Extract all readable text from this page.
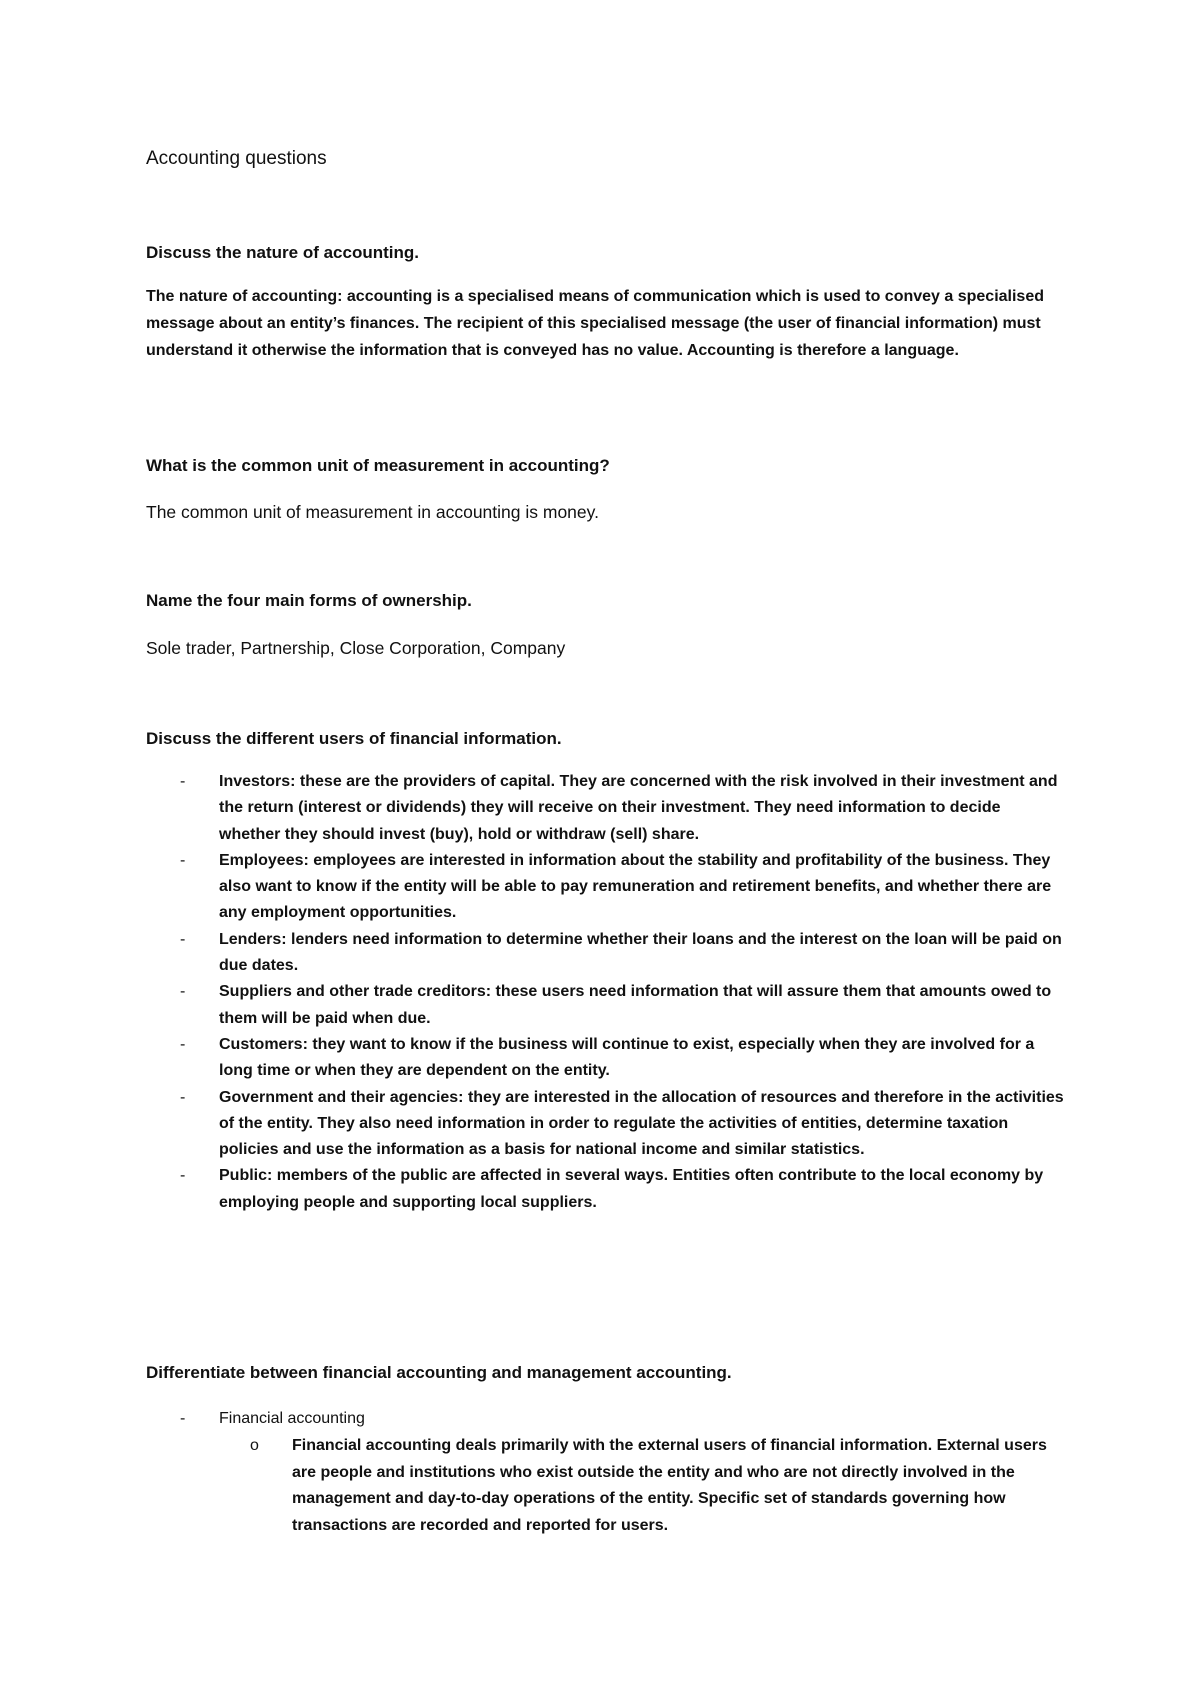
Accounting questions

Discuss the nature of accounting.

The nature of accounting: accounting is a specialised means of communication which is used to convey a specialised message about an entity’s finances. The recipient of this specialised message (the user of financial information) must understand it otherwise the information that is conveyed has no value. Accounting is therefore a language.

What is the common unit of measurement in accounting?

The common unit of measurement in accounting is money.

Name the four main forms of ownership.

Sole trader, Partnership, Close Corporation, Company

Discuss the different users of financial information.

- Investors: these are the providers of capital. They are concerned with the risk involved in their investment and the return (interest or dividends) they will receive on their investment. They need information to decide whether they should invest (buy), hold or withdraw (sell) share.
- Employees: employees are interested in information about the stability and profitability of the business. They also want to know if the entity will be able to pay remuneration and retirement benefits, and whether there are any employment opportunities.
- Lenders: lenders need information to determine whether their loans and the interest on the loan will be paid on due dates.
- Suppliers and other trade creditors: these users need information that will assure them that amounts owed to them will be paid when due.
- Customers: they want to know if the business will continue to exist, especially when they are involved for a long time or when they are dependent on the entity.
- Government and their agencies: they are interested in the allocation of resources and therefore in the activities of the entity. They also need information in order to regulate the activities of entities, determine taxation policies and use the information as a basis for national income and similar statistics.
- Public: members of the public are affected in several ways. Entities often contribute to the local economy by employing people and supporting local suppliers.

Differentiate between financial accounting and management accounting.

- Financial accounting
o Financial accounting deals primarily with the external users of financial information. External users are people and institutions who exist outside the entity and who are not directly involved in the management and day-to-day operations of the entity. Specific set of standards governing how transactions are recorded and reported for users.
